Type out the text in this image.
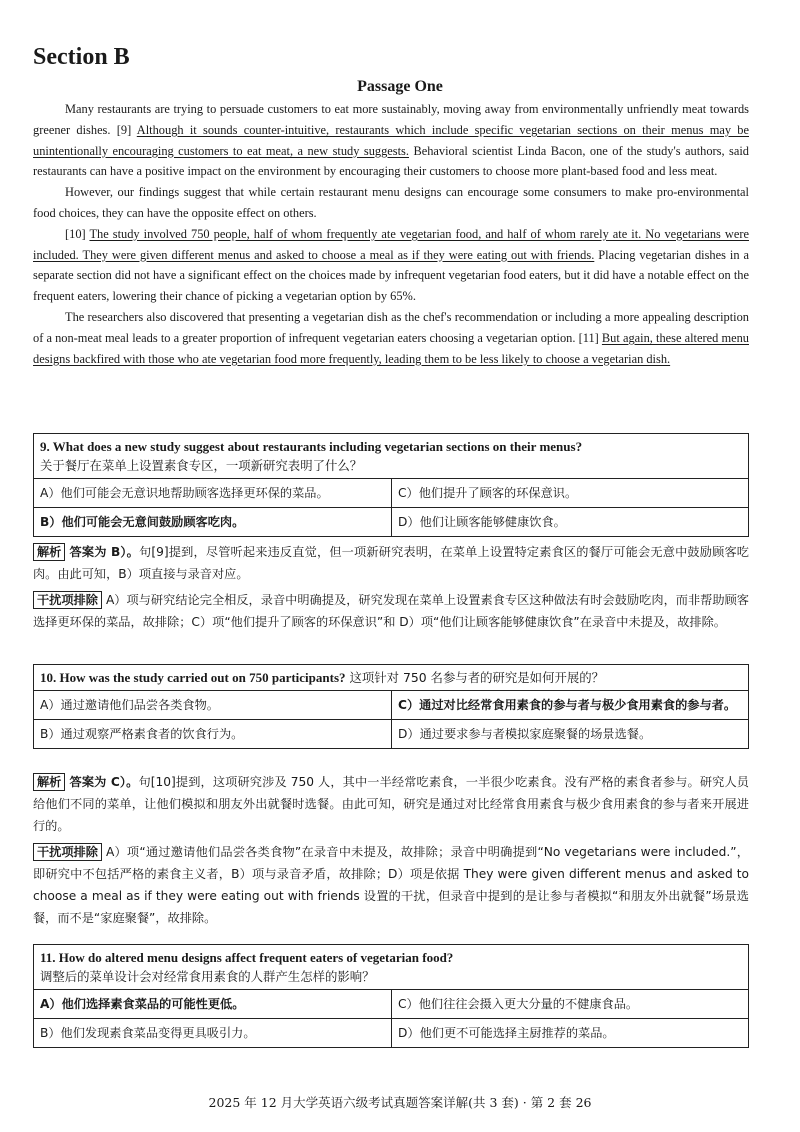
Section B
Passage One

Many restaurants are trying to persuade customers to eat more sustainably, moving away from environmentally unfriendly meat towards greener dishes. [9] Although it sounds counter-intuitive, restaurants which include specific vegetarian sections on their menus may be unintentionally encouraging customers to eat meat, a new study suggests. Behavioral scientist Linda Bacon, one of the study's authors, said restaurants can have a positive impact on the environment by encouraging their customers to choose more plant-based food and less meat.

However, our findings suggest that while certain restaurant menu designs can encourage some consumers to make pro-environmental food choices, they can have the opposite effect on others.

[10] The study involved 750 people, half of whom frequently ate vegetarian food, and half of whom rarely ate it. No vegetarians were included. They were given different menus and asked to choose a meal as if they were eating out with friends. Placing vegetarian dishes in a separate section did not have a significant effect on the choices made by infrequent vegetarian food eaters, but it did have a notable effect on the frequent eaters, lowering their chance of picking a vegetarian option by 65%.

The researchers also discovered that presenting a vegetarian dish as the chef's recommendation or including a more appealing description of a non-meat meal leads to a greater proportion of infrequent vegetarian eaters choosing a vegetarian option. [11] But again, these altered menu designs backfired with those who ate vegetarian food more frequently, leading them to be less likely to choose a vegetarian dish.

9. What does a new study suggest about restaurants including vegetarian sections on their menus?
关于餐厅在菜单上设置素食专区，一项新研究表明了什么？
A）他们可能会无意识地帮助顾客选择更环保的菜品。	C）他们提升了顾客的环保意识。
B）他们可能会无意间鼓励顾客吃肉。	D）他们让顾客能够健康饮食。

解析 答案为 B）。句[9]提到，尽管听起来违反直觉，但一项新研究表明，在菜单上设置特定素食区的餐厅可能会无意中鼓励顾客吃肉。由此可知，B）项直接与录音对应。

干扰项排除 A）项与研究结论完全相反，录音中明确提及，研究发现在菜单上设置素食专区这种做法有时会鼓励吃肉，而非帮助顾客选择更环保的菜品，故排除；C）项“他们提升了顾客的环保意识”和 D）项“他们让顾客能够健康饮食”在录音中未提及，故排除。

10. How was the study carried out on 750 participants? 这项针对 750 名参与者的研究是如何开展的？
A）通过邀请他们品尝各类食物。	C）通过对比经常食用素食的参与者与极少食用素食的参与者。
B）通过观察严格素食者的饮食行为。	D）通过要求参与者模拟家庭聚餐的场景选餐。

解析 答案为 C）。句[10]提到，这项研究涉及 750 人，其中一半经常吃素食，一半很少吃素食。没有严格的素食者参与。研究人员给他们不同的菜单，让他们模拟和朋友外出就餐时选餐。由此可知，研究是通过对比经常食用素食与极少食用素食的参与者来开展进行的。

干扰项排除 A）项“通过邀请他们品尝各类食物”在录音中未提及，故排除；录音中明确提到“No vegetarians were included.”，即研究中不包括严格的素食主义者，B）项与录音矛盾，故排除；D）项是依据 They were given different menus and asked to choose a meal as if they were eating out with friends 设置的干扰，但录音中提到的是让参与者模拟“和朋友外出就餐”场景选餐，而不是“家庭聚餐”，故排除。

11. How do altered menu designs affect frequent eaters of vegetarian food?
调整后的菜单设计会对经常食用素食的人群产生怎样的影响？
A）他们选择素食菜品的可能性更低。	C）他们往往会摄入更大分量的不健康食品。
B）他们发现素食菜品变得更具吸引力。	D）他们更不可能选择主厨推荐的菜品。
2025 年 12 月大学英语六级考试真题答案详解(共 3 套) · 第 2 套 26
